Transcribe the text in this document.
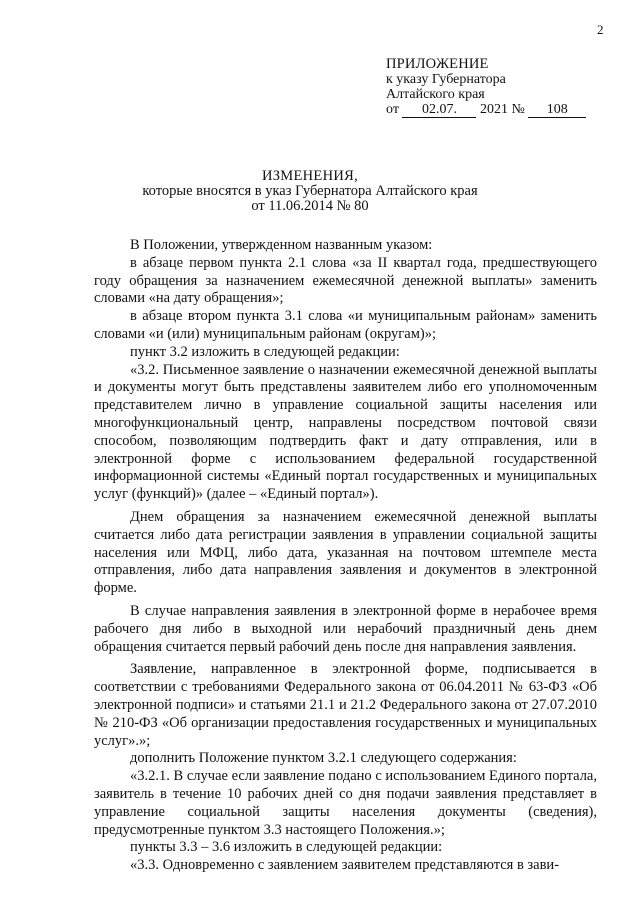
2
ПРИЛОЖЕНИЕ
к указу Губернатора
Алтайского края
от 02.07. 2021 № 108
ИЗМЕНЕНИЯ,
которые вносятся в указ Губернатора Алтайского края
от 11.06.2014 № 80

В Положении, утвержденном названным указом:

в абзаце первом пункта 2.1 слова «за II квартал года, предшествующего году обращения за назначением ежемесячной денежной выплаты» заменить словами «на дату обращения»;

в абзаце втором пункта 3.1 слова «и муниципальным районам» заменить словами «и (или) муниципальным районам (округам)»;

пункт 3.2 изложить в следующей редакции:

«3.2. Письменное заявление о назначении ежемесячной денежной выплаты и документы могут быть представлены заявителем либо его уполномоченным представителем лично в управление социальной защиты населения или многофункциональный центр, направлены посредством почтовой связи способом, позволяющим подтвердить факт и дату отправления, или в электронной форме с использованием федеральной государственной информационной системы «Единый портал государственных и муниципальных услуг (функций)» (далее – «Единый портал»).

Днем обращения за назначением ежемесячной денежной выплаты считается либо дата регистрации заявления в управлении социальной защиты населения или МФЦ, либо дата, указанная на почтовом штемпеле места отправления, либо дата направления заявления и документов в электронной форме.

В случае направления заявления в электронной форме в нерабочее время рабочего дня либо в выходной или нерабочий праздничный день днем обращения считается первый рабочий день после дня направления заявления.

Заявление, направленное в электронной форме, подписывается в соответствии с требованиями Федерального закона от 06.04.2011 № 63-ФЗ «Об электронной подписи» и статьями 21.1 и 21.2 Федерального закона от 27.07.2010 № 210-ФЗ «Об организации предоставления государственных и муниципальных услуг».»;

дополнить Положение пунктом 3.2.1 следующего содержания:

«3.2.1. В случае если заявление подано с использованием Единого портала, заявитель в течение 10 рабочих дней со дня подачи заявления представляет в управление социальной защиты населения документы (сведения), предусмотренные пунктом 3.3 настоящего Положения.»;

пункты 3.3 – 3.6 изложить в следующей редакции:

«3.3. Одновременно с заявлением заявителем представляются в зави-
